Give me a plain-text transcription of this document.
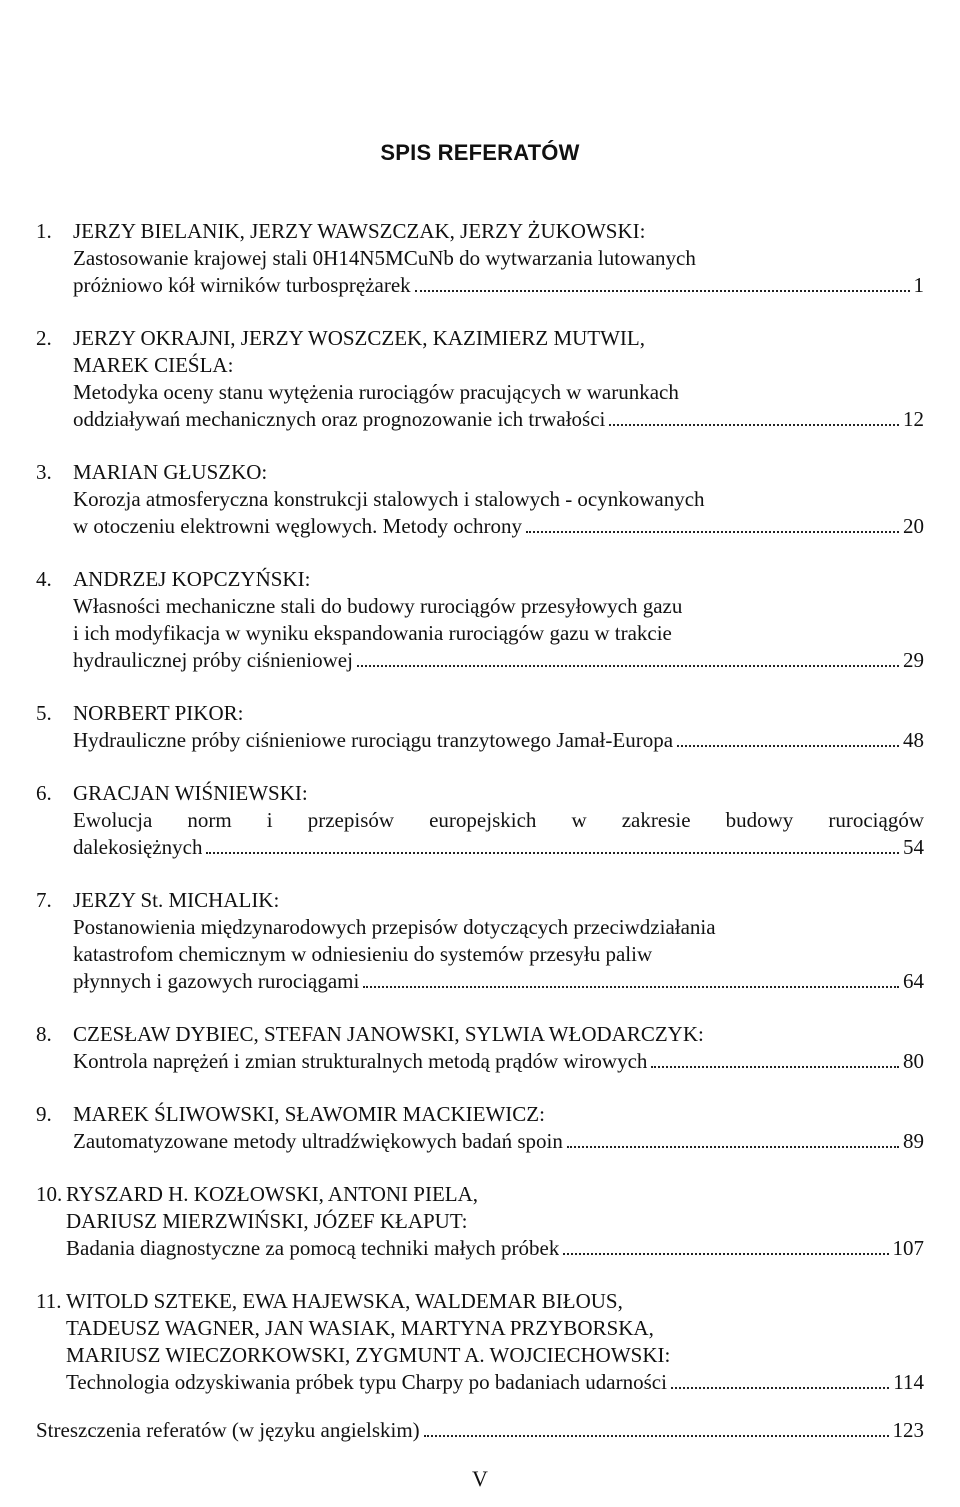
SPIS REFERATÓW
1.	JERZY BIELANIK, JERZY WAWSZCZAK, JERZY ŻUKOWSKI:
Zastosowanie krajowej stali 0H14N5MCuNb do wytwarzania lutowanych
próżniowo kół wirników turbosprężarek	1
2.	JERZY OKRAJNI, JERZY WOSZCZEK, KAZIMIERZ MUTWIL,
MAREK CIEŚLA:
Metodyka oceny stanu wytężenia rurociągów pracujących w warunkach
oddziaływań mechanicznych oraz prognozowanie ich trwałości	12
3.	MARIAN GŁUSZKO:
Korozja atmosferyczna konstrukcji stalowych i stalowych - ocynkowanych
w otoczeniu elektrowni węglowych. Metody ochrony	20
4.	ANDRZEJ KOPCZYŃSKI:
Własności mechaniczne stali do budowy rurociągów przesyłowych gazu
i ich modyfikacja w wyniku ekspandowania rurociągów gazu w trakcie
hydraulicznej próby ciśnieniowej	29
5.	NORBERT PIKOR:
Hydrauliczne próby ciśnieniowe rurociągu tranzytowego Jamał-Europa	48
6.	GRACJAN WIŚNIEWSKI:
Ewolucja norm i przepisów europejskich w zakresie budowy rurociągów
dalekosiężnych	54
7.	JERZY St. MICHALIK:
Postanowienia międzynarodowych przepisów dotyczących przeciwdziałania
katastrofom chemicznym w odniesieniu do systemów przesyłu paliw
płynnych i gazowych rurociągami	64
8.	CZESŁAW DYBIEC, STEFAN JANOWSKI, SYLWIA WŁODARCZYK:
Kontrola naprężeń i zmian strukturalnych metodą prądów wirowych	80
9.	MAREK ŚLIWOWSKI, SŁAWOMIR MACKIEWICZ:
Zautomatyzowane metody ultradźwiękowych badań spoin	89
10. RYSZARD H. KOZŁOWSKI, ANTONI PIELA,
DARIUSZ MIERZWIŃSKI, JÓZEF KŁAPUT:
Badania diagnostyczne za pomocą techniki małych próbek	107
11. WITOLD SZTEKE, EWA HAJEWSKA, WALDEMAR BIŁOUS,
TADEUSZ WAGNER, JAN WASIAK, MARTYNA PRZYBORSKA,
MARIUSZ WIECZORKOWSKI, ZYGMUNT A. WOJCIECHOWSKI:
Technologia odzyskiwania próbek typu Charpy po badaniach udarności	114
Streszczenia referatów (w języku angielskim)	123
V
